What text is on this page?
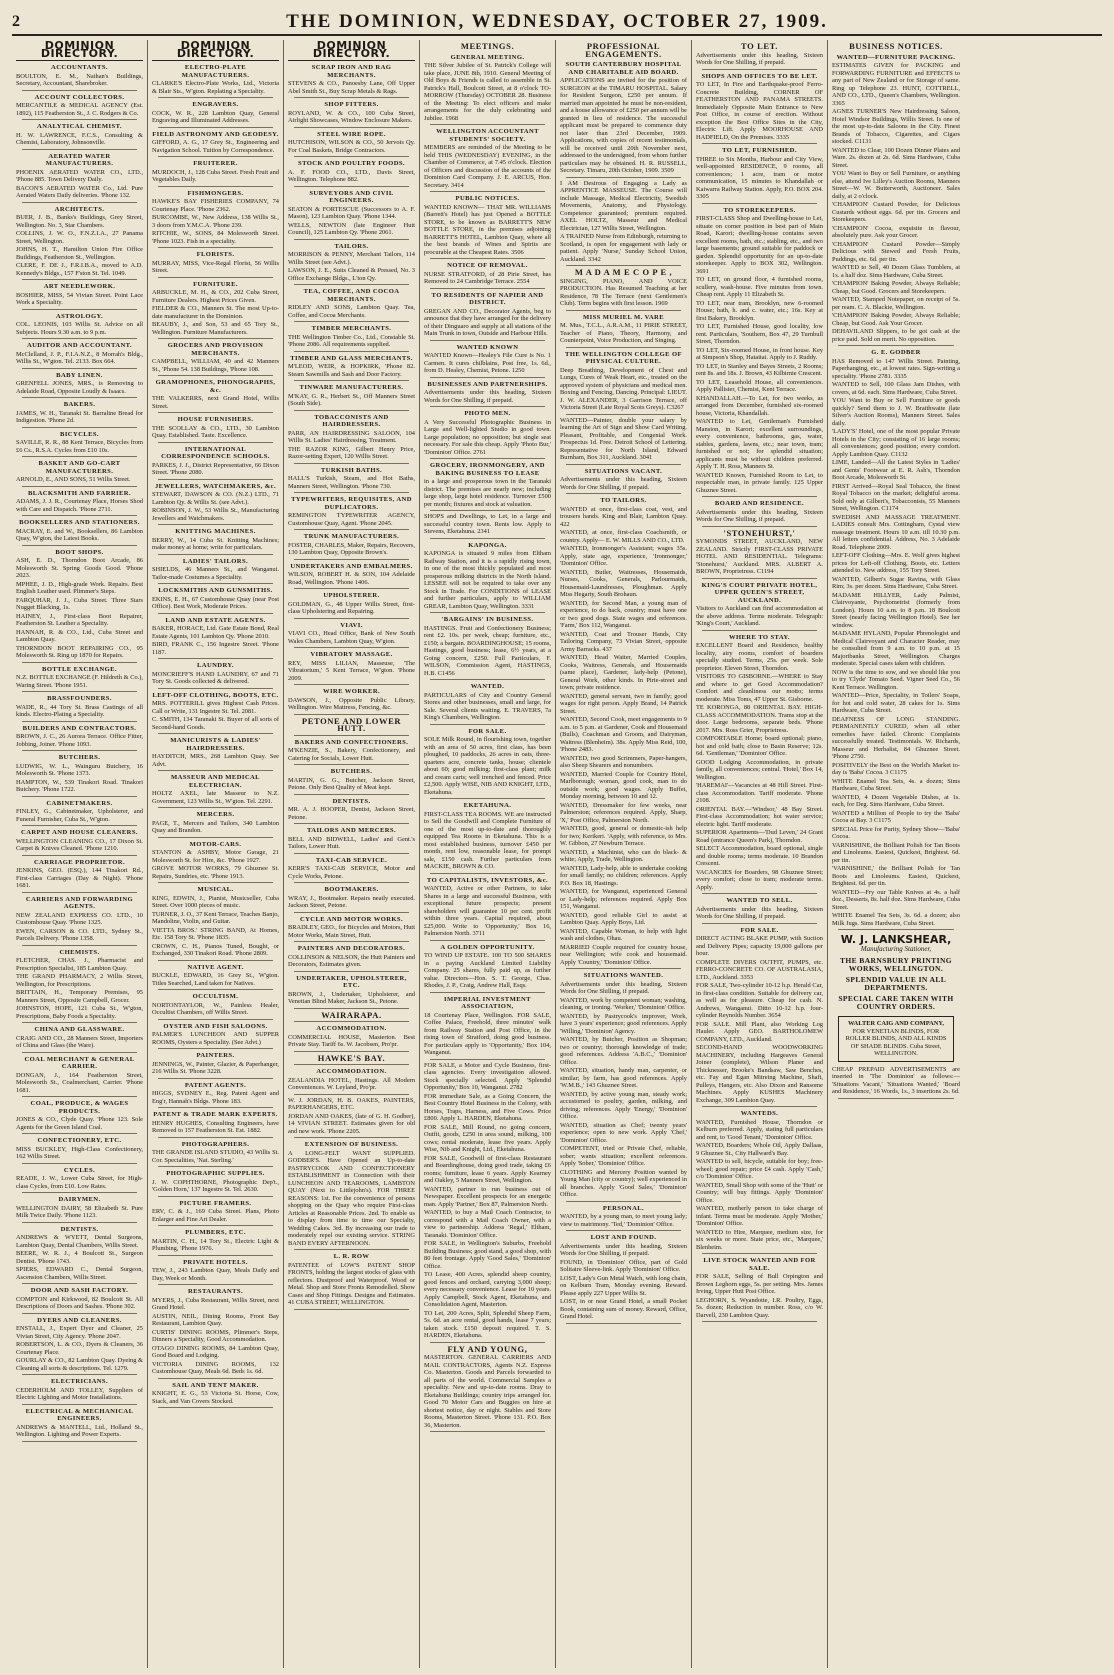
2	THE DOMINION, WEDNESDAY, OCTOBER 27, 1909.
DOMINION DIRECTORY.
ACCOUNTANTS.
BOULTON, E. M., Nathan's Buildings, Secretary, Accountant, Sharebroker.
ACCOUNT COLLECTORS.
MERCANTILE & MEDICAL AGENCY (Est. 1892), 115 Featherston St., J. C. Rodgers & Co.
ANALYTICAL CHEMIST.
H. W. LAWRENCE, F.C.S., Consulting & Chemist, Laboratory, Johnsonville.
AERATED WATER MANUFACTURERS.
PHOENIX AERATED WATER CO., LTD., 'Phone 885. Town Delivery Daily.
BACON'S AERATED WATER Co., Ltd. Pure Aerated Waters Daily deliveries. 'Phone 132.
ARCHITECTS.
BUER, J. B., Banks's Buildings, Grey Street, Wellington. No. 3, Star Chambers.
COLLINS, J. W. O., F.N.Z.I.A., 27 Panama Street, Wellington.
JOHNS, H. T., Hamilton Union Fire Office Buildings, Featherston St., Wellington.
CLERE, F. DE J., F.R.I.B.A., moved to A.D. Kennedy's Bldgs., 157 F'ston St. Tel. 1049.
ART NEEDLEWORK.
BOSHIER, MISS, 54 Vivian Street. Point Lace Work a Speciality.
ASTROLOGY.
COL. LEONIS, 103 Willis St. Advice on all Subjects. Hours 9.30 a.m. to 9 p.m.
AUDITOR AND ACCOUNTANT.
McClelland, J. P., F.I.A.N.Z., 8 Morrah's Bldg., Willis St., W'gton. Tel. 2133. Box 664.
BABY LINEN.
GRENFELL JONES, MRS., is Removing to Adelaide Road, Opposite Loudly & Isaacs.
BAKERS.
JAMES, W. H., Taranaki St. Barraline Bread for Indigestion. 'Phone 2d.
BICYCLES.
SAVILLE, R. R., 88 Kent Terrace, Bicycles from £6 Cs., R.S.A. Cycles from £10 10s.
BASKET AND GO-CART MANUFACTURERS.
ARNOLD, E., AND SONS, 51 Willis Street.
BLACKSMITH AND FARRIER.
ADAMS, J. J. R., Courtenay Place, Horses Shod with Care and Dispatch. 'Phone 2711.
BOOKSELLERS AND STATIONERS.
MACRAY, E. and W., Booksellers, 86 Lambton Quay, W'gton, the Latest Books.
BOOT SHOPS.
ASH, E. D., Thorndon Boot Arcade, 86 Molesworth St. Spring Goods Good. 'Phone 2023.
MPHEE, J. D., High-grade Work. Repairs. Best English Leather used. Plimmer's Steps.
FARQUHAR, J. J., Cuba Street. Three Stars Nugget Blacking, 1s.
HAINEY, J., First-class Boot Repairer, Featherston St. Leather a Speciality.
HANNAH, R. & CO., Ltd., Cuba Street and Lambton Quay.
THORNDON BOOT REPAIRING CO., 95 Molesworth St. Ring up 1870 for Repairs.
BOTTLE EXCHANGE.
N.Z. BOTTLE EXCHANGE (F. Hildreth & Co.), Waring Street. 'Phone 1951.
BRASSFOUNDERS.
WADE, R., 44 Tory St. Brass Castings of all kinds. Electro-Plating a Speciality.
BUILDERS AND CONTRACTORS.
BROWN, J. C., 26 Aurora Terrace. Office Fitter, Jobbing, Joiner. 'Phone 1093.
BUTCHERS.
LUDWIG, W. L., Wainguru Butchery, 16 Molesworth St. 'Phone 1373.
HAMPTON, W., 539 Tinakori Road. Tinakori Butchery. 'Phone 1722.
CABINETMAKERS.
FINLEY, G., Cabinetmaker, Upholsterer, and Funeral Furnisher, Cuba St., W'gton.
CARPET AND HOUSE CLEANERS.
WELLINGTON CLEANING CO., 17 Dixon St. Carpet & Knives Cleaned. 'Phone 1210.
CARRIAGE PROPRIETOR.
JENKINS, GEO. (ESQ.), 144 Tinakori Rd., First-class Carriages (Day & Night). 'Phone 1681.
CARRIERS AND FORWARDING AGENTS.
NEW ZEALAND EXPRESS CO. LTD., 10 Customhouse Quay. 'Phone 1325.
EWEN, CARSON & CO. LTD., Sydney St., Parcels Delivery. 'Phone 1358.
CHEMISTS.
FLETCHER, CHAS. J., Pharmacist and Prescription Specialist, 185 Lambton Quay.
THE GRAND PHARMACY, 2 Willis Street, Wellington, for Prescriptions.
BRITTAIN, H., Temporary Premises, 95 Manners Street, Opposite Campbell, Grocer.
JOHNSTON, HOPE, 121 Cuba St., W'gton, Prescriptions, Baby Foods a Speciality.
CHINA AND GLASSWARE.
CRAIG AND CO., 28 Manners Street, Importers of China and Glass (the Ware).
COAL MERCHANT & GENERAL CARRIER.
DONGAN, J., 164 Featherston Street, Molesworth St., Coalmerchant, Carrier. 'Phone 1681.
COAL, PRODUCE, & WAGES PRODUCTS.
JONES & CO., Clyde Quay. 'Phone 123. Sole Agents for the Green Island Coal.
CONFECTIONERY, ETC.
MISS BUCKLEY, High-Class Confectionery, 162 Willis Street.
CYCLES.
READE, J. W., Lower Cuba Street, for High-class Cycles, from £10. Low Rates.
DAIRYMEN.
WELLINGTON DAIRY, 58 Elizabeth St. Pure Milk Twice Daily. 'Phone 1123.
DENTISTS.
ANDREWS & WYETT, Dental Surgeons, Lambton Quay, Dental Chambers, Willis Street.
BEERE, W. R. J., 4 Boulcott St., Surgeon Dentist. 'Phone 1743.
SPIERS, EDWARD C., Dental Surgeon, Ascension Chambers, Willis Street.
DOOR AND SASH FACTORY.
COMPTON and Kirkwood, 82 Boulcott St. All Descriptions of Doors and Sashes. 'Phone 302.
DYERS AND CLEANERS.
ENSTALL, J., Expert Dyer and Cleaner, 25 Vivian Street, City Agency. 'Phone 2047.
ROBERTSON, L. & CO., Dyers & Cleaners, 36 Courtenay Place.
GOURLAY & CO., 82 Lambton Quay. Dyeing & Cleaning all sorts & descriptions. Tel. 1279.
ELECTRICIANS.
CEDERHOLM AND TOLLEY, Suppliers of Electric Lighting and Motor Installations.
ELECTRICAL & MECHANICAL ENGINEERS.
ANDREWS & MANTELL, Ltd., Holland St., Wellington. Lighting and Power Experts.
DOMINION DIRECTORY.
ELECTRO-PLATE MANUFACTURERS.
CLARKE'S Electro-Plate Works, Ltd., Victoria & Blair Sts., W'gton. Replating a Speciality.
ENGRAVERS.
COCK, W. R., 228 Lambton Quay, General Engraving and Illuminated Addresses.
FIELD ASTRONOMY AND GEODESY.
GIFFORD, A. G., 17 Grey St., Engineering and Navigation School. Tuition by Correspondence.
FRUITERER.
MURDOCH, J., 128 Cuba Street. Fresh Fruit and Vegetables Daily.
FISHMONGERS.
HAWKE'S BAY FISHERIES COMPANY, 74 Courtenay Place. 'Phone 2362.
BURCOMBE, W., New Address, 138 Willis St., 3 doors from Y.M.C.A. 'Phone 239.
RITCHIE, W., SONS, 84 Molesworth Street. 'Phone 1023. Fish in a speciality.
FLORISTS.
MURRAY, MISS, Vice-Regal Florist, 56 Willis Street.
FURNITURE.
ARBUCKLE, M. H., & CO., 202 Cuba Street, Furniture Dealers. Highest Prices Given.
FIELDER & CO., Manners St. The most Up-to-date manufacturer in the Dominion.
BEAUBY, J., and Son, 53 and 65 Tory St., Wellington. Furniture Manufacturers.
GROCERS AND PROVISION MERCHANTS.
CAMPBELL, WILLIAM, 40 and 42 Manners St., 'Phone 54. 138 Buildings, 'Phone 108.
GRAMOPHONES, PHONOGRAPHS, &c.
THE VALKERRS, next Grand Hotel, Willis Street.
HOUSE FURNISHERS.
THE SCOLLAY & CO., LTD., 30 Lambton Quay. Established. Taste. Excellence.
INTERNATIONAL CORRESPONDENCE SCHOOLS.
PARKES, J. J., District Representative, 66 Dixon Street. 'Phone 2080.
JEWELLERS, WATCHMAKERS, &c.
STEWART, DAWSON & CO. (N.Z.) LTD., 71 Lambton Qy. & Willis St. (see Advt.).
ROBINSON, J. W., 53 Willis St., Manufacturing Jewellers and Watchmakers.
KNITTING MACHINES.
BERRY, W., 14 Cuba St. Knitting Machines; make money at home; write for particulars.
LADIES' TAILORS.
SHIELDS, 46 Manners St., and Wanganui. Tailor-made Costumes a Speciality.
LOCKSMITHS AND GUNSMITHS.
EKINS, E. H., 67 Customhouse Quay (near Post Office). Best Work, Moderate Prices.
LAND AND ESTATE AGENTS.
BAKER, HORACE, Ltd. Gate Estate Bond, Real Estate Agents, 101 Lambton Qy. 'Phone 2010.
BIRD, FRANK C., 156 Ingestre Street. 'Phone 1187.
LAUNDRY.
MONCRIEFF'S HAND LAUNDRY, 67 and 71 Tory St. Goods collected & delivered.
LEFT-OFF CLOTHING, BOOTS, ETC.
MRS. POTTERILL gives Highest Cash Prices. Call or Write, 131 Ingestre St. Tel. 2081.
C. SMITH, 134 Taranaki St. Buyer of all sorts of Second-hand Goods.
MANICURISTS & LADIES' HAIRDRESSERS.
HAYDITCH, MRS., 268 Lambton Quay. See Advt.
MASSEUR AND MEDICAL ELECTRICIAN.
HOLTZ AXEL, late Masseur to N.Z. Government, 123 Willis St., W'gton. Tel. 2291.
MERCERS.
PAGE, T., Mercers and Tailors, 340 Lambton Quay and Brandon.
MOTOR-CARS.
STANTON & ASHBY, Motor Garage, 21 Molesworth St. for Hire, &c. 'Phone 1927.
GROVE MOTOR WORKS, 79 Ghuznee St. Repairs, Sundries, etc. 'Phone 1913.
MUSICAL.
KING, EDWIN, J., Pianist, Musicseller, Cuba Street. Over 1000 pieces of music.
TURNER, J. O., 37 Kent Terrace, Teaches Banjo, Mandoline, Violin, and Guitar.
VIETTA BROS.' STRING BAND, At Homes, Etc. 158 Tory St. 'Phone 1835.
CROWN, C. H., Pianos Tuned, Bought, or Exchanged, 330 Tinakori Road. 'Phone 2809.
NATIVE AGENT.
BUCKLE, EDWARD, 16 Grey St., W'gton. Titles Searched, Land taken for Natives.
OCCULTISM.
NORTONTAYLOR, W., Painless Healer, Occultist Chambers, off Willis Street.
OYSTER AND FISH SALOONS.
PALMER'S LUNCHEON AND SUPPER ROOMS, Oysters a Speciality. (See Advt.)
PAINTERS.
JENNINGS, W., Painter, Glazier, & Paperhanger, 216 Willis St. 'Phone 3228.
PATENT AGENTS.
HIGGS, SYDNEY E., Reg. Patent Agent and Eng'r, Hannah's Bldgs. 'Phone 183.
PATENT & TRADE MARK EXPERTS.
HENRY HUGHES, Consulting Engineers, have Removed to 157 Featherston St. Est. 1882.
PHOTOGRAPHERS.
THE GRANDE ISLAND STUDIO, 43 Willis St. Cor. Specialities, 'Nat. Sterling.'
PHOTOGRAPHIC SUPPLIES.
J. W. COPHTHORNE, Photographic Dep't., 'Golden Horn,' 137 Ingestre St. Tel. 2630.
PICTURE FRAMERS.
ERV, C. & J., 169 Cuba Street. Plans, Photo Enlarger and Fine Art Dealer.
PLUMBERS, ETC.
MARTIN, C. H., 14 Tory St., Electric Light & Plumbing, 'Phone 1976.
PRIVATE HOTELS.
TEW, J., 243 Lambton Quay, Meals Daily and Day, Week or Month.
RESTAURANTS.
MYERS, J., Cuba Restaurant, Willis Street, next Grand Hotel.
AUSTIN, NEIL, Dining Rooms, Front Bay Restaurant, Lambton Quay.
CURTIS' DINING ROOMS, Plimmer's Steps, Dinners a Speciality, Good Accommodation.
OTAGO DINING ROOMS, 84 Lambton Quay, Good Board and Lodging.
VICTORIA DINING ROOMS, 132 Customhouse Quay, Meals 6d. Beds 1s. 6d.
SAIL AND TENT MAKER.
KNIGHT, E. G., 53 Victoria St. Horse, Cow, Stack, and Van Covers Stocked.
DOMINION DIRECTORY.
SCRAP IRON AND RAG MERCHANTS.
STEVENS & CO., Panoesby Lane, Off Upper Abel Smith St., Buy Scrap Metals & Rags.
SHOP FITTERS.
ROYLAND, W. & CO., 100 Cuba Street, Airlight Showcases, Window Enclosure Makers.
STEEL WIRE ROPE.
HUTCHISON, WILSON & CO., 50 Jervois Qy. For Coal Baskets, Bridge Contractors.
STOCK AND POULTRY FOODS.
A. F. FOOD CO., LTD., Davis Street, Wellington. Telephone 882.
SURVEYORS AND CIVIL ENGINEERS.
SEATON & FORTESCUE (Successors to A. F. Mason), 123 Lambton Quay. 'Phone 1344.
WELLS, NEWTON (late Engineer Hutt Council), 125 Lambton Qy. 'Phone 2061.
TAILORS.
MORRISON & PENNY, Merchant Tailors, 114 Willis Street (see Advt.).
LAWSON, J. E., Suits Cleaned & Pressed, No. 3 Office Exchange Bldgs., L'ton Qy.
TEA, COFFEE, AND COCOA MERCHANTS.
RIDLEY AND SONS, Lambton Quay. Tea, Coffee, and Cocoa Merchants.
TIMBER MERCHANTS.
THE Wellington Timber Co., Ltd., Constable St. 'Phone 2086. All requirements supplied.
TIMBER AND GLASS MERCHANTS.
M'LEOD, WEIR, & HOPKIRK, 'Phone 82. Steam Sawmills and Sash and Door Factory.
TINWARE MANUFACTURERS.
M'KAY, G. R., Herbert St., Off Manners Street (South Side).
TOBACCONISTS AND HAIRDRESSERS.
PARR, AN HAIRDRESSING SALOON, 104 Willis St. Ladies' Hairdressing, Treatment.
THE RAZOR KING, Gilbert Henry Price, Razor-setting Expert, 120 Willis Street.
TURKISH BATHS.
HALL'S Turkish, Steam, and Hot Baths, Manners Street, Wellington. 'Phone 730.
TYPEWRITERS, REQUISITES, AND DUPLICATORS.
REMINGTON TYPEWRITER AGENCY, Customhouse Quay, Agent. 'Phone 2045.
TRUNK MANUFACTURERS.
FOSTER, CHARLES, Maker, Repairs, Recovers, 130 Lambton Quay, Opposite Brown's.
UNDERTAKERS AND EMBALMERS.
WILSON, ROBERT H. & SON, 104 Adelaide Road, Wellington. 'Phone 1406.
UPHOLSTERER.
GOLDMAN, G., 48 Upper Willis Street, first-class Upholstering and Repairing.
VIAVI.
VIAVI CO., Head Office, Bank of New South Wales Chambers, Lambton Quay, W'gton.
VIBRATORY MASSAGE.
REY, MISS LILIAN, Masseuse, 'The Vibratorium,' 5 Kent Terrace, W'gton. 'Phone 2009.
WIRE WORKER.
DAWSON, J., Opposite Public Library, Wellington. Wire Mattress, Fencing, &c.
PETONE AND LOWER HUTT.
BAKERS AND CONFECTIONERS.
M'KENZIE, S., Bakery, Confectionery, and Catering for Socials, Lower Hutt.
BUTCHERS.
MARTIN, G. G., Butcher, Jackson Street, Petone. Only Best Quality of Meat kept.
DENTISTS.
MR. A. J. HOOPER, Dentist, Jackson Street, Petone.
TAILORS AND MERCERS.
BELL AND BIDWELL, Ladies' and Gent.'s Tailors, Lower Hutt.
TAXI-CAB SERVICE.
KERR'S TAXI-CAB SERVICE, Motor and Cycle Works, Petone.
BOOTMAKERS.
WRAY, J., Bootmaker. Repairs neatly executed. Jackson Street, Petone.
CYCLE AND MOTOR WORKS.
BRADLEY, GEO., for Bicycles and Motors, Hutt Motor Works, Main Street, Hutt.
PAINTERS AND DECORATORS.
COLLINSON & NELSON, the Hutt Painters and Decorators, Estimates given.
UNDERTAKER, UPHOLSTERER, ETC.
BROWN, J., Undertaker, Upholsterer, and Venetian Blind Maker, Jackson St., Petone.
WAIRARAPA.
ACCOMMODATION.
COMMERCIAL HOUSE, Masterton. Best Private Stay. Tariff 6s. W. Jacobsen, Pro'pr.
HAWKE'S BAY.
ACCOMMODATION.
ZEALANDIA HOTEL, Hastings. All Modern Conveniences. W. Leyland, Pro'pr.
W. J. JORDAN, H. B. OAKES, PAINTERS, PAPERHANGERS, ETC.
JORDAN AND OAKES, (late of G. H. Godber), 14 VIVIAN STREET. Estimates given for old and new work. 'Phone 2205.
EXTENSION OF BUSINESS.
A LONG-FELT WANT SUPPLIED. GODBER'S. Have Opened an Up-to-date PASTRYCOOK AND CONFECTIONERY ESTABLISHMENT in Connection with their LUNCHEON AND TEAROOMS, LAMBTON QUAY (Next to Littlejohn's). FOR THREE REASONS: 1st. For the convenience of persons shopping on the Quay who require First-class Articles at Reasonable Prices. 2nd. To enable us to display from time to time our Specialty, Wedding Cakes. 3rd. By increasing our trade to moderately repel our existing service. STRING BAND EVERY AFTERNOON.
L. R. ROW
PATENTEE of LOW'S PATENT SHOP FRONTS, holding the largest stocks of glass with reflectors. Dustproof and Waterproof. Wood or Metal. Shop and Store Fronts Remodelled. Show Cases and Shop Fittings. Designs and Estimates. 41 CUBA STREET, WELLINGTON.
MEETINGS.
GENERAL MEETING.
THE Silver Jubilee of St. Patrick's College will take place, JUNE 8th, 1910. General Meeting of Old Boys & Friends is called to assemble in St. Patrick's Hall, Boulcott Street, at 8 o'clock TO-MORROW (Thursday) OCTOBER 28. Business of the Meeting: To elect officers and make arrangements for the duly celebrating said Jubilee. 1968
WELLINGTON ACCOUNTANT STUDENTS' SOCIETY.
MEMBERS are reminded of the Meeting to be held THIS (WEDNESDAY) EVENING, in the Chamber of Commerce, at 7.45 o'clock. Election of Officers and discussion of the accounts of the Dominion Card Company. J. E. ARCUS, Hon. Secretary. 3414
PUBLIC NOTICES.
WANTED KNOWN— THAT MR. WILLIAMS (Barrett's Hotel) has just Opened a BOTTLE STORE, to be known as BARRETT'S NEW BOTTLE STORE, in the premises adjoining BARRETT'S HOTEL, Lambton Quay, where all the best brands of Wines and Spirits are procurable at the Cheapest Rates. 3506
NOTICE OF REMOVAL.
NURSE STRATFORD, of 28 Pirie Street, has Removed to 24 Cambridge Terrace. 2554
TO RESIDENTS OF NAPIER AND DISTRICT.
GREGAN AND CO., Decorator Agents, beg to announce that they have arranged for the delivery of their Dinguaro and supply at all stations of the Main Trunk in town, Outside and Harbour Hills.
WANTED KNOWN
WANTED Known—Healey's File Cure is No. 1 Carmen. It cures chilblains, Post free, 1s. 6d., from D. Healey, Chemist, Petone. 1250
BUSINESSES AND PARTNERSHIPS.
Advertisements under this heading, Sixteen Words for One Shilling, if prepaid.
PHOTO MEN.
A Very Successful Photographic Business in Large and Well-lighted Studio in good town. Large population; no opposition; but single seat necessary. For sale this cheap. Apply 'Photo Bur,' 'Dominion' Office. 2761
GROCERY, IRONMONGERY, AND BAKING BUSINESS TO LEASE
in a large and prosperous town in the Taranaki district. The premises are nearly new; including large shop, large hotel residence. Turnover £500 per month; fixtures and stock at valuation.
SHOPS and Dwellings, to Let, in a large and successful country town. Rents low. Apply to Stevens, Eketahuna. 2341
KAPONGA.
KAPONGA is situated 9 miles from Eltham Railway Station, and it is a rapidly rising town, in one of the most thickly populated and most prosperous milking districts in the North Island. LESSEE will not be required to take over any Stock in Trade. For CONDITIONS of LEASE and further particulars, apply to WILLIAM GREAR, Lambton Quay, Wellington. 3331
'BARGAINS' IN BUSINESS.
HASTINGS. Fruit and Confectionery Business; rent £2. 10s. per week, cheap; furniture, etc., £150; a bargain. BOARDINGHOUSE; 15 rooms, Hastings, good business; lease, 6½ years, at a Going concern, £250. Full Particulars, F. WILSON, Commission Agent, HASTINGS, H.B. C1456
WANTED.
PARTICULARS of City and Country General Stores and other businesses, small and large, for Sale. Several clients waiting. E. TRAVERS, 7a King's Chambers, Wellington.
FOR SALE.
SOLE Milk Round, in flourishing town, together with an area of 50 acres, first class, has been ploughed, 10 paddocks, 26 acres in oats, three-quarters acre, concrete tanks, house; clientele about 60; good milking; first-class plant; milk and cream carts; well trenched and fenced. Price £2,500. Apply WISE, NIB AND KNIGHT, LTD., Eketahuna.
EKETAHUNA.
FIRST-CLASS TEA ROOMS. WE are instructed to Sell the Goodwill and Complete Furniture of one of the most up-to-date and thoroughly equipped Tea Rooms in Eketahuna. This is a most established business, turnover £450 per month, rent low, reasonable lease, for prompt sale, £150 cash. Further particulars from MACKIE, BROWN & CO.
TO CAPITALISTS, INVESTORS, &c.
WANTED, Active or other Partners, to take Shares in a large and successful Business, with exceptional future prospects; present shareholders will guarantee 10 per cent. profit within three years. Capital required, about £25,000. Write to 'Opportunity,' Box 16, Palmerston North. 3711
A GOLDEN OPPORTUNITY.
TO WIND UP ESTATE. 100 TO 500 SHARES in a paying Auckland Limited Liability Company. 25 shares, fully paid up, as further value. Directors—Hon. S. T. George, Chas. Rhodes, J. P., Craig, Andrew Hall, Esqs.
IMPERIAL INVESTMENT ASSOCIATION,
18 Courtenay Place, Wellington. FOR SALE, Coffee Palace, Freehold, three minutes' walk from Railway Station and Post Office, in the rising town of Stratford, doing good business. For particulars apply to 'Opportunity,' Box 104, Wanganui.
FOR SALE, a Motor and Cycle Business, first-class agencies. Every investigation allowed. Stock specially selected. Apply 'Splendid Opportunity,' Box 10, Wanganui. 2782
FOR immediate Sale, as a Going Concern, the Best Country Hotel Business in the Colony, with Horses, Traps, Harness, and Five Cows. Price £800. Apply L. HARDEN, Eketahuna.
FOR SALE, Mill Round, no going concern, Outfit, goods, £250 in area sound, milking, 100 cows; rental moderate, lease five years. Apply Wise, Nib and Knight, Ltd., Eketahuna.
FOR SALE, Goodwill of first-class Restaurant and Boardinghouse, doing good trade, taking £6 rooms; furniture, lease 6 years. Apply Kearney and Oakley, 5 Manners Street, Wellington.
WANTED, partner to run business out of Newspaper. Excellent prospects for an energetic man. Apply 'Partner,' Box 87, Palmerston North.
WANTED, to buy a Mail Coach Contractor, to correspond with a Mail Coach Owner, with a view to partnership. Address 'Regal,' Eltham, Taranaki. 'Dominion' Office.
FOR SALE, in Wellington's Suburbs, Freehold Building Business; good stand, a good shop, with 80 feet frontage. Apply 'Good Sales,' 'Dominion' Office.
TO Lease, 400 Acres, splendid sheep country, good fences and orchard, carrying 3,000 sheep; every necessary convenience. Lease for 10 years. Apply Campbell, Stock Agent, Eketahuna, and Consolidation Agent, Masterton.
TO Let, 200 Acres, Split, Splendid Sheep Farm, 5s. 6d. an acre rental, good hands, lease 7 years; taken stock. £150 deposit required. T. S. HARDEN, Eketahuna.
FLY AND YOUNG,
MASTERTON. GENERAL CARRIERS AND MAIL CONTRACTORS, Agents N.Z. Express Co. Masterton. Goods and Parcels forwarded to all parts of the world. Commercial Samples a speciality. New and up-to-date rooms. Dray to Eketahuna Buildings; country trips arranged for. Good 70 Motor Cars and Buggies on hire at shortest notice, day or night. Stables and Store Rooms, Masterton Street. 'Phone 131. P.O. Box 36, Masterton.
PROFESSIONAL ENGAGEMENTS.
SOUTH CANTERBURY HOSPITAL AND CHARITABLE AID BOARD.
APPLICATIONS are invited for the position of SURGEON at the TIMARU HOSPITAL. Salary for Resident Surgeon, £250 per annum. If married man appointed he must be non-resident, and a house allowance of £250 per annum will be granted in lieu of residence. The successful applicant must be prepared to commence duty not later than 23rd December, 1909. Applications, with copies of recent testimonials, will be received until 20th November next, addressed to the undersigned, from whom further particulars may be obtained. H. R. RUSSELL, Secretary. Timaru, 20th October, 1909. 3509
I AM Desirous of Engaging a Lady as APPRENTICE MASSEUSE. The Course will include Massage, Medical Electricity, Swedish Movements, Anatomy, and Physiology. Competence guaranteed; premium required. AXEL HOLTZ, Masseur and Medical Electrician, 127 Willis Street, Wellington.
A TRAINED Nurse from Edinburgh, returning to Scotland, is open for engagement with lady or patient. Apply 'Nurse,' Sunday School Union, Auckland. 3342
M A D A M E C O P E ,
SINGING, PIANO, AND VOICE PRODUCTION. Has Resumed Teaching at her Residence, 78 The Terrace (next Gentlemen's Club). Term begins with first lesson. 1969
MISS MURIEL M. VARE
M. Mus., T.C.L., A.R.A.M., 11 PIRIE STREET, Teacher of Piano, Theory, Harmony, and Counterpoint, Voice Production, and Singing.
THE WELLINGTON COLLEGE OF PHYSICAL CULTURE.
Deep Breathing, Development of Chest and Lungs, Cures of Weak Heart, etc., treated on the approved system of physicians and medical men. Boxing and Fencing, Dancing. Principal: LIEUT. J. W. ALEXANDER, 3 Garrison Terrace, off Victoria Street (Late Royal Scots Greys). C3267
WANTED—Painter, double your salary by learning the Art of Sign and Show Card Writing. Pleasant, Profitable, and Congenial Work. Prospectus 1d. Free. Detroit School of Lettering. Representative for North Island, Edward Burnham, Box 311, Auckland. 3041
SITUATIONS VACANT.
Advertisements under this heading, Sixteen Words for One Shilling, if prepaid.
TO TAILORS.
WANTED at once, first-class coat, vest, and trousers hands. King and Blair, Lambton Quay. 422
WANTED, at once, first-class Coachsmith, or country. Apply— E. W. MILLS AND CO., LTD.
WANTED, Ironmonger's Assistant; wages 35s. Apply, state age, experience, 'Ironmonger,' 'Dominion' Office.
WANTED, Butler, Waitresses, Housemaids, Nurses, Cooks, Generals, Parlourmaids, Housemaid-Laundresses, Ploughman. Apply Miss Hegarty, South Brohaun.
WANTED, for Second Man, a young man of experience, to do hack, country; must have one or two good dogs. State wages and references. 'Farm,' Box 112, Wanganui.
WANTED, Coat and Trouser Hands, City Tailoring Company, 73 Vivian Street, opposite Army Barracks. 437
WANTED, Head Waiter, Married Couples, Cooks, Waitress, Generals, and Housemaids (same place), Gardener, lady-help (Petone), General Work, other kinds. In Pirie-street and town; private residence.
WANTED, general servant, two in family; good wages for right person. Apply Brand, 14 Patrick Street.
WANTED, Second Cook, meet engagements to 9 a.m. to 5 p.m. at Gardener, Cook and Housemaid (Bulls), Coachman and Groom, and Dairyman, Waitress (Blenheim). 38s. Apply Miss Reid, 100, 'Phone 2483.
WANTED, two good Scrimmers, Paper-hangers, also Sheep Shearers and nonumbers.
WANTED, Married Couple for Country Hotel, Marlborough; woman, good cook, man to do outside work; good wages. Apply Buffet, Monday morning, between 10 and 12.
WANTED, Dressmaker for few weeks, near Palmerston; references required. Apply, Sharp, 'X,' Post Office, Palmerston North.
WANTED, good, general or domestic-ish help for two; Kerikeri. 'Apply, with reference, to Mrs. W. Gibbon, 27 Newburn Terrace.
WANTED, a Machinist, who can do black- & white; Apply, Trade, Wellington.
WANTED, Lady-help, able to undertake cooking for small family; no children; references. Apply P.O. Box 18, Hastings.
WANTED, for Wanganui, experienced General or Lady-help; references required. Apply Box 151, Wanganui.
WANTED, good reliable Girl to assist at Lambton Quay. Apply Boys, Ltd.
WANTED, Capable Woman, to help with light wash and clothes, Ohau.
MARRIED Couple required for country house, near Wellington; wife cook and housemaid. Apply 'Country,' 'Dominion' Office.
SITUATIONS WANTED.
Advertisements under this heading, Sixteen Words for One Shilling, if prepaid.
WANTED, work by competent woman; washing, cleaning, or ironing. 'Worker,' 'Dominion' Office.
WANTED, by Pastrycook's improver, Work, have 3 years' experience; good references. Apply 'Willing,' 'Dominion' Agency.
WANTED, by Butcher, Position as Shopman; two or country; thorough knowledge of trade; good references. Address 'A.B.C.,' 'Dominion' Office.
WANTED, situation, handy man, carpenter, or similar; by farm, has good references. Apply 'W.M.B.,' 143 Ghuznee Street.
WANTED, by active young man, steady work; accustomed to poultry, garden, milking, and driving; references. Apply 'Energy,' 'Dominion' Office.
WANTED, situation as Chef; twenty years' experience; open to new work. Apply 'Chef,' 'Dominion' Office.
COMPETENT, tried or Private Chef, reliable, sober; wants situation; excellent references. Apply 'Sober,' 'Dominion' Office.
CLOTHING and Mercery Position wanted by Young Man (city or country); well experienced in all branches. Apply 'Good Sales,' 'Dominion' Office.
PERSONAL.
WANTED, by a young man, to meet young lady; view to matrimony. 'Ted,' 'Dominion' Office.
LOST AND FOUND.
Advertisements under this heading, Sixteen Words for One Shilling, if prepaid.
FOUND, in 'Dominion' Office, part of Gold Solitaire Sleeve-link. Apply 'Dominion' Office.
LOST, Lady's Gun Metal Watch, with long chain, on Kelburn Tram, Monday evening. Reward. Please apply 227 Upper Willis St.
LOST, in or near Grand Hotel, a small Pocket Book, containing sum of money. Reward, Office, Grand Hotel.
TO LET.
Advertisements under this heading, Sixteen Words for One Shilling, if prepaid.
SHOPS AND OFFICES TO BE LET.
TO LET, In Fire and Earthquake-proof Ferro-Concrete Building, CORNER OF FEATHERSTON AND PANAMA STREETS. Immediately Opposite Main Entrance to New Post Office, in course of erection. Without exception the Best Office Sites in the City, Electric Lift. Apply MOORHOUSE AND HADFIELD, On the Premises. 3335
TO LET, FURNISHED.
THREE to Six Months, Harbour and City View, well-appointed RESIDENCE, 9 rooms, all conveniences; 1 acre, tram or motor communication, 15 minutes to Khandallah or Kaiwarra Railway Station. Apply, P.O. BOX 204. 3305
TO STOREKEEPERS.
FIRST-CLASS Shop and Dwelling-house to Let, situate on corner position in best part of Main Road, Karori; dwelling-house contains seven excellent rooms, bath, etc.; stabling, etc., and two large basements; ground suitable for paddock or garden. Splendid opportunity for an up-to-date storekeeper. Apply to BOX 302, Wellington. 3691
TO LET, on ground floor, 4 furnished rooms, scullery, wash-house. Five minutes from town. Cheap rent. Apply 11 Elizabeth St.
TO LET, near tram, Brooklyn, new 6-roomed House; bath, h. and c. water, etc.; 16s. Key at first Bakery, Brooklyn.
TO LET, Furnished House, good locality, low rent. Particulars, 'Southern, Box 47, 29 Turnbull Street, Thorndon.
TO LET, Six-roomed House, in front house. Key at Simpson's Shop, Hataitai. Apply to J. Ruddy.
TO LET, in Stanley and Bayes Streets, 2 Rooms; rent 8s. and 18s. J. Brown, 43 Kilbirnie Crescent.
TO LET, Leasehold House, all conveniences. Apply Pallister, Chemist, Kent Terrace.
KHANDALLAH.—To Let, for two weeks, as arranged from December, furnished six-roomed house, Victoria, Khandallah.
WANTED to Let, Gentleman's Furnished Mansion, in Karori; excellent surroundings, every convenience, bathrooms, gas, water, stables, gardens, lawns, etc.; near town, tram; furnished or not; for splendid situation; applicants must be without children preferred. Apply T. H. Ross, Manners St.
WANTED Known, Furnished Room to Let, to respectable man, in private family. 125 Upper Ghuznee Street.
BOARD AND RESIDENCE.
Advertisements under this heading, Sixteen Words for One Shilling, if prepaid.
'STONEHURST,'
SYMONDS STREET, AUCKLAND, NEW ZEALAND. Strictly FIRST-CLASS PRIVATE HOTEL AND RESIDENTIAL. Telegrams: 'Stonehurst,' Auckland. MRS. ALBERT A. BROWN, Proprietress. C1194
KING'S COURT PRIVATE HOTEL, UPPER QUEEN'S STREET, AUCKLAND.
Visitors to Auckland can find accommodation at the above address. Terms moderate. Telegraph: 'King's Court,' Auckland.
WHERE TO STAY.
EXCELLENT Board and Residence, healthy locality, airy rooms, comfort of boarders specially studied. Terms, 25s. per week. Sole proprietor. Eleven Street, Thorndon.
VISITORS TO GISBORNE.—WHERE to Stay and where to get Good Accommodation? Comfort and cleanliness our motto; terms moderate. Miss Toms, 47 Upper St. Gisborne.
TE KORONGA, 88 ORIENTAL BAY. HIGH-CLASS ACCOMMODATION. Trams stop at the door. Large bedrooms, separate beds. 'Phone 2017. Mrs. Ross Grier, Proprietress.
COMFORTABLE Home; board optional; piano, hot and cold bath; close to Basin Reserve; 12s. 6d. 'Gentleman,' 'Dominion' Office.
GOOD Lodging Accommodation, in private family, all conveniences; central. 'Hotel,' Box 14, Wellington.
'HAREMAI'—Vacancies at 48 Hill Street. First-class Accommodation. Tariff moderate. 'Phone 2108.
ORIENTAL BAY.—'Windsor,' 48 Bay Street. First-class Accommodation; hot water service; electric light. Tariff moderate.
SUPERIOR Apartments—'Dud Leven,' 24 Grant Road (entrance Queen's Park), Thorndon.
SELECT Accommodation, board optional, single and double rooms; terms moderate. 10 Brandon Crescent.
VACANCIES for Boarders, 98 Ghuznee Street; every comfort; close to tram; moderate terms. Apply.
WANTED TO SELL.
Advertisements under this heading, Sixteen Words for One Shilling, if prepaid.
FOR SALE.
DIRECT ACTING BLAKE PUMP, with Suction and Delivery Pipes; capacity 19,000 gallons per hour.
COMPLETE DIVERS OUTFIT, PUMPS, etc. FERRO-CONCRETE CO. OF AUSTRALASIA, LTD., Auckland. 3353
FOR SALE, Two-cylinder 10-12 h.p. Herald Car, in first-class condition. Suitable for delivery car, as well as for pleasure. Cheap for cash. N. Andrews, Wanganui. Ditto 10-12 h.p. four-cylinder Reynolds Number. 3654
FOR SALE. Mill Plant, also Working Log Hauler. Apply GEO. BARTHOLOMEW COMPANY, LTD., Auckland.
SECOND-HAND WOODWORKING MACHINERY, including Hargeaves General Joiner (complete), Wilson Planer and Thicknesser, Brooke's Bandsaw, Saw Benches, etc. Fay and Egan Mitreing Machine, Shaft, Pulleys, Hangers, etc. Also Dixon and Ransome Machines. Apply KUSHES Machinery Exchange, 309 Lambton Quay.
WANTEDS.
WANTED, Furnished House, Thorndon or Kelburn preferred. Apply, stating full particulars and rent, to 'Good Tenant,' 'Dominion' Office.
WANTED, Boarders; Whole Oil, Apply Dallaas, 9 Ghuznee St., City Hallward's Bay.
WANTED to sell, bicycle, suitable for boy; free-wheel; good repair; price £4 cash. Apply 'Cash,' c/o 'Dominion' Office.
WANTED, Small Shop with some of the 'Hutt' or Country; will buy fittings. Apply 'Dominion' Office.
WANTED, motherly person to take charge of infant. Terms must be moderate. Apply 'Mother,' 'Dominion' Office.
WANTED to Hire, Marquee, medium size, for six weeks or more. State price, etc., 'Marquee,' Blenheim.
LIVE STOCK WANTED AND FOR SALE.
FOR SALE, Selling of Bull Orpington and Brown Leghorn eggs, 5s. per setting. Mrs. James Irving, Upper Hutt Post Office.
LEGHORN, S. Wyandotte, I.R. Poultry, Eggs, 5s. dozen; Reduction in number. Ross, c/o W. Darvell, 230 Lambton Quay.
BUSINESS NOTICES.
WANTED—FURNITURE PACKING.
ESTIMATES GIVEN for PACKING and FORWARDING FURNITURE and EFFECTS to any part of New Zealand or for Storage of same. Ring up Telephone 23. HUNT, COTTRELL, AND CO., LTD., Queen's Chambers, Wellington. 3365
AGNES TURNER'S New Hairdressing Saloon, Hotel Windsor Buildings, Willis Street. Is one of the most up-to-date Saloons in the City. Finest Brands of Tobacco, Cigarettes, and Cigars stocked. C1131
WANTED to Clear, 100 Dozen Dinner Plates and Ware. 2s. dozen at 2s. 6d. Sims Hardware, Cuba Street.
YOU Want to Buy or Sell Furniture, or anything else, attend Ive Lilley's Auction Rooms, Manners Street—W. W. Butterworth, Auctioneer. Sales daily, at 2 o'clock.
'CHAMPION' Custard Powder, for Delicious Custards without eggs. 6d. per tin. Grocers and Storekeepers.
'CHAMPION' Cocoa, exquisite in flavour, absolutely pure. Ask your Grocer.
'CHAMPION' Custard Powder—Simply Delicious with Stewed and Fresh Fruits, Puddings, etc. 6d. per tin.
WANTED to Sell, 40 Dozen Glass Tumblers, at 1s. a half doz. Sims Hardware, Cuba Street.
'CHAMPION' Baking Powder, Always Reliable; Cheap, but Good. Grocers and Storekeepers.
WANTED, Stamped Notepaper, on receipt of 5s. per ream. C. A. Blackie, Wellington.
'CHAMPION' Baking Powder, Always Reliable; Cheap, but Good. Ask Your Grocer.
DEHAVILAND Slippers, to be got cash at the price paid. Sold on merit. No opposition.
G. E. GODBER
HAS Removed to 147 Willis Street. Painting, Paperhanging, etc., at lowest rates. Sign-writing a speciality. 'Phone 2781. 3335
WANTED to Sell, 100 Glass Jam Dishes, with covers, at 6d. each. Sims Hardware, Cuba Street.
YOU Want to Buy or Sell Furniture or goods quickly? Send them to J. W. Braithwaite (late Silver's Auction Rooms), Manners Street. Sales daily.
'LADY'S' Hotel, one of the most popular Private Hotels in the City; consisting of 16 large rooms; all conveniences; good position; every comfort. Apply Lambton Quay. C1132
LIME, Landed—All the Latest Styles in 'Ladies' and Gents' Footwear at E. R. Ash's, Thorndon Boot Arcade, Molesworth St.
FIRST Arrived—Royal Seal Tobacco, the finest Royal Tobacco on the market; delightful aroma. Sold only at Gilbert's, Tobacconists, 55 Manners Street, Wellington. C1174
SWEDISH AND MASSAGE TREATMENT. LADIES consult Mrs. Cottingham, Cystal view massage treatment. Hours 10 a.m. till 10.30 p.m. All letters confidential. Address, No. 3 Adelaide Road. Telephone 2009.
LEFT-OFF Clothing—Mrs. E. Wolf gives highest prices for Left-off Clothing, Boots, etc. Letters attended to. New address, 155 Tory Street.
WANTED, Gilbert's Sugar Ravina, with Glass Rim; 3s. per dozen. Sims Hardware, Cuba Street.
MADAME HILLYER, Lady Palmist, Clairvoyante, Psychometrist (formerly from London). Hours 10 a.m. to 8 p.m. 18 Boulcott Street (nearly facing Wellington Hotel). See her window.
MADAME HYLAND, Popular Phrenologist and Medical Clairvoyant and Character Reader, may be consulted from 9 a.m. to 10 p.m. at 15 Majoribanks Street, Wellington. Charges moderate. Special cases taken with children.
NOW is the time to sow, and we should like you to try 'Clyde' Tomato Seed. Vigner Seed Co., 56 Kent Terrace. Wellington.
WANTED—Price, Speciality, in Toilers' Soaps, for hot and cold water, 28 cakes for 1s. Sims Hardware, Cuba Street.
DEAFNESS OF LONG STANDING. PERMANENTLY CURED, when all other remedies have failed. Chronic Complaints successfully treated. Testimonials. W. Richards, Masseur and Herbalist, 84 Ghuznee Street. 'Phone 2750.
POSITIVELY the Best on the World's Market to-day is 'Baba' Cocoa. 3 C1175
WHITE Enamel Tea Sets, 4s. a dozen; Sims Hardware, Cuba Street.
WANTED, 4 Dozen Vegetable Dishes, at 1s. each, for Deg. Sims Hardware, Cuba Street.
WANTED a Million of People to try the 'Baba' Cocoa at Bay. 3 C1175
SPECIAL Price for Purity, Sydney Show—'Baba' Cocoa.
VARNISHINE, the Brilliant Polish for Tan Boots and Linoleums. Easiest, Quickest, Brightest. 6d. per tin.
'VARNISHINE,' the Brilliant Polish for Tan Boots and Linoleums. Easiest, Quickest, Brightest. 6d. per tin.
WANTED—Fry our Table Knives at 4s. a half doz., Desserts, 8s. half doz. Sims Hardware, Cuba Street.
WHITE Enamel Tea Sets, 3s. 6d. a dozen; also Milk Jugs. Sims Hardware, Cuba Street.
W. J. LANKSHEAR,
Manufacturing Stationer,
THE BARNSBURY PRINTING WORKS, WELLINGTON.
SPLENDID VALUE IN ALL DEPARTMENTS.
SPECIAL CARE TAKEN WITH COUNTRY ORDERS.
WALTER CAIG AND COMPANY,
FOR VENETIAN BLINDS, FOR ROLLER BLINDS, AND ALL KINDS OF SHADE BLINDS. Cuba Street, WELLINGTON.
CHEAP PREPAID ADVERTISEMENTS are inserted in 'The Dominion' as follows:— 'Situations Vacant,' 'Situations Wanted,' 'Board and Residence,' 16 Words, 1s., 3 insertions 2s. 6d.
